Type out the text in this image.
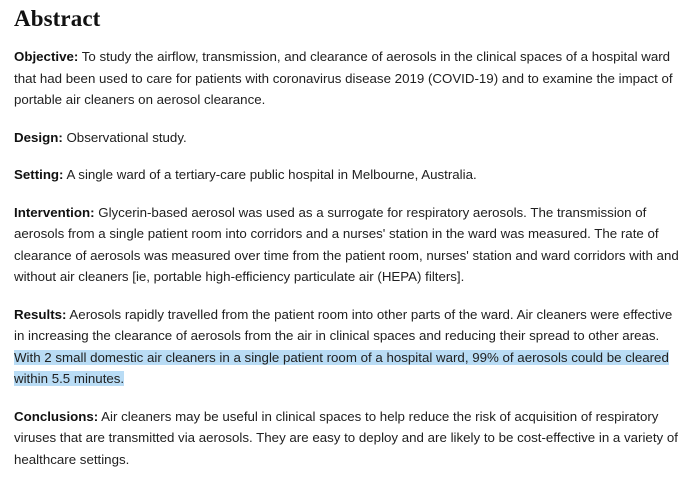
Abstract

Objective: To study the airflow, transmission, and clearance of aerosols in the clinical spaces of a hospital ward that had been used to care for patients with coronavirus disease 2019 (COVID-19) and to examine the impact of portable air cleaners on aerosol clearance.

Design: Observational study.

Setting: A single ward of a tertiary-care public hospital in Melbourne, Australia.

Intervention: Glycerin-based aerosol was used as a surrogate for respiratory aerosols. The transmission of aerosols from a single patient room into corridors and a nurses' station in the ward was measured. The rate of clearance of aerosols was measured over time from the patient room, nurses' station and ward corridors with and without air cleaners [ie, portable high-efficiency particulate air (HEPA) filters].

Results: Aerosols rapidly travelled from the patient room into other parts of the ward. Air cleaners were effective in increasing the clearance of aerosols from the air in clinical spaces and reducing their spread to other areas. With 2 small domestic air cleaners in a single patient room of a hospital ward, 99% of aerosols could be cleared within 5.5 minutes.

Conclusions: Air cleaners may be useful in clinical spaces to help reduce the risk of acquisition of respiratory viruses that are transmitted via aerosols. They are easy to deploy and are likely to be cost-effective in a variety of healthcare settings.
